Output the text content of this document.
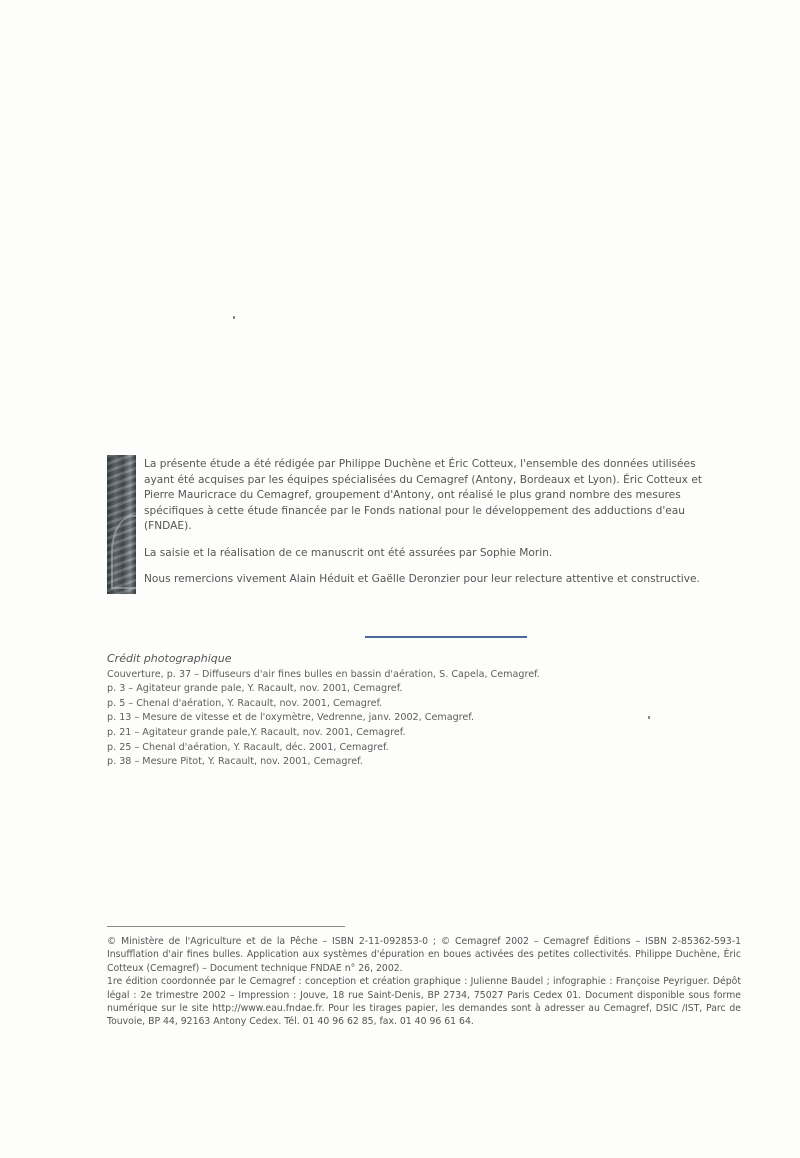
La présente étude a été rédigée par Philippe Duchène et Éric Cotteux, l'ensemble des données utilisées ayant été acquises par les équipes spécialisées du Cemagref (Antony, Bordeaux et Lyon). Éric Cotteux et Pierre Mauricrace du Cemagref, groupement d'Antony, ont réalisé le plus grand nombre des mesures spécifiques à cette étude financée par le Fonds national pour le développement des adductions d'eau (FNDAE).

La saisie et la réalisation de ce manuscrit ont été assurées par Sophie Morin.

Nous remercions vivement Alain Héduit et Gaëlle Deronzier pour leur relecture attentive et constructive.

Crédit photographique
Couverture, p. 37 – Diffuseurs d'air fines bulles en bassin d'aération, S. Capela, Cemagref.
p. 3 – Agitateur grande pale, Y. Racault, nov. 2001, Cemagref.
p. 5 – Chenal d'aération, Y. Racault, nov. 2001, Cemagref.
p. 13 – Mesure de vitesse et de l'oxymètre, Vedrenne, janv. 2002, Cemagref.
p. 21 – Agitateur grande pale,Y. Racault, nov. 2001, Cemagref.
p. 25 – Chenal d'aération, Y. Racault, déc. 2001, Cemagref.
p. 38 – Mesure Pitot, Y. Racault, nov. 2001, Cemagref.

© Ministère de l'Agriculture et de la Pêche – ISBN 2-11-092853-0 ; © Cemagref 2002 – Cemagref Éditions – ISBN 2-85362-593-1 Insufflation d'air fines bulles. Application aux systèmes d'épuration en boues activées des petites collectivités. Philippe Duchène, Éric Cotteux (Cemagref) – Document technique FNDAE n° 26, 2002.

1re édition coordonnée par le Cemagref : conception et création graphique : Julienne Baudel ; infographie : Françoise Peyriguer. Dépôt légal : 2e trimestre 2002 – Impression : Jouve, 18 rue Saint-Denis, BP 2734, 75027 Paris Cedex 01. Document disponible sous forme numérique sur le site http://www.eau.fndae.fr. Pour les tirages papier, les demandes sont à adresser au Cemagref, DSIC /IST, Parc de Touvoie, BP 44, 92163 Antony Cedex. Tél. 01 40 96 62 85, fax. 01 40 96 61 64.
